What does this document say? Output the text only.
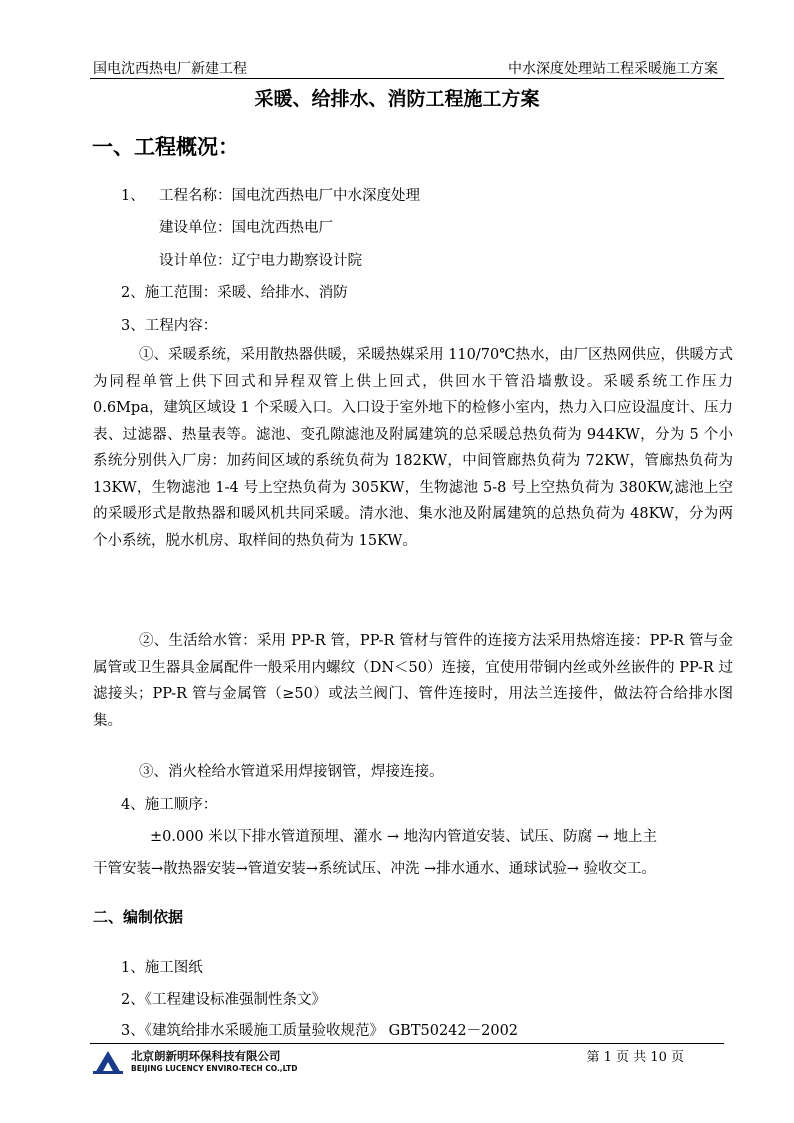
国电沈西热电厂新建工程	中水深度处理站工程采暖施工方案
采暖、给排水、消防工程施工方案
一、工程概况：
1、 工程名称：国电沈西热电厂中水深度处理
建设单位：国电沈西热电厂
设计单位：辽宁电力勘察设计院
2、施工范围：采暖、给排水、消防
3、工程内容：
➀、采暖系统，采用散热器供暖，采暖热媒采用 110/70℃热水，由厂区热网供应，供暖方式为同程单管上供下回式和异程双管上供上回式，供回水干管沿墙敷设。采暖系统工作压力 0.6Mpa，建筑区域设 1 个采暖入口。入口设于室外地下的检修小室内，热力入口应设温度计、压力表、过滤器、热量表等。滤池、变孔隙滤池及附属建筑的总采暖总热负荷为 944KW，分为 5 个小系统分别供入厂房：加药间区域的系统负荷为 182KW，中间管廊热负荷为 72KW，管廊热负荷为 13KW，生物滤池 1-4 号上空热负荷为 305KW，生物滤池 5-8 号上空热负荷为 380KW,滤池上空的采暖形式是散热器和暖风机共同采暖。清水池、集水池及附属建筑的总热负荷为 48KW，分为两个小系统，脱水机房、取样间的热负荷为 15KW。
➁、生活给水管：采用 PP-R 管，PP-R 管材与管件的连接方法采用热熔连接：PP-R 管与金属管或卫生器具金属配件一般采用内螺纹（DN＜50）连接，宜使用带铜内丝或外丝嵌件的 PP-R 过滤接头；PP-R 管与金属管（≥50）或法兰阀门、管件连接时，用法兰连接件，做法符合给排水图集。
➂、消火栓给水管道采用焊接钢管，焊接连接。
4、施工顺序：
±0.000 米以下排水管道预埋、灌水 → 地沟内管道安装、试压、防腐 → 地上主
干管安装→散热器安装→管道安装→系统试压、冲洗 →排水通水、通球试验→ 验收交工。
二、编制依据
1、施工图纸
2、《工程建设标准强制性条文》
3、《建筑给排水采暖施工质量验收规范》 GBT50242－2002
北京朗新明环保科技有限公司
BEIJING LUCENCY ENVIRO-TECH CO.,LTD
第 1 页 共 10 页
